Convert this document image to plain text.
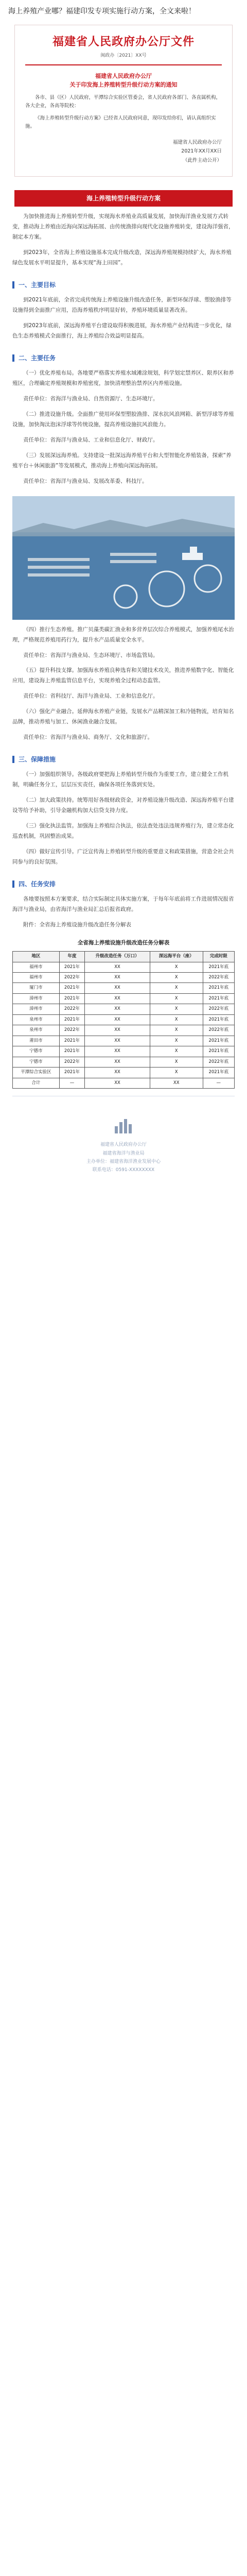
海上养殖产业哪？福建印发专项实施行动方案，全文来啦！
福建省人民政府办公厅文件
闽政办〔2021〕XX号
福建省人民政府办公厅
关于印发海上养殖转型升级行动方案的通知

各市、县（区）人民政府，平潭综合实验区管委会，省人民政府各部门、各直属机构，各大企业，各高等院校：

《海上养殖转型升级行动方案》已经省人民政府同意，现印发给你们，请认真组织实施。

福建省人民政府办公厅
2021年XX月XX日
（此件主动公开）
海上养殖转型升级行动方案

为加快推进海上养殖转型升级，实现海水养殖业高质量发展，加快海洋渔业发展方式转变，推动海上养殖由近海向深远海拓展、由传统渔排向现代化设施养殖转变，建设海洋强省，制定本方案。

到2023年，全省海上养殖设施基本完成升级改造，深远海养殖规模持续扩大，海水养殖绿色发展水平明显提升，基本实现“海上田园”。

一、主要目标

到2021年底前，全省完成传统海上养殖设施升级改造任务，新型环保浮球、塑胶渔排等设施得到全面推广应用，沿海养殖秩序明显好转，养殖环境质量显著改善。

到2023年底前，深远海养殖平台建设取得积极进展，海水养殖产业结构进一步优化，绿色生态养殖模式全面推行，海上养殖综合效益明显提高。

二、主要任务

（一）优化养殖布局。各地要严格落实养殖水域滩涂规划，科学划定禁养区、限养区和养殖区，合理确定养殖规模和养殖密度，加快清理整治禁养区内养殖设施。

责任单位：省海洋与渔业局、自然资源厅、生态环境厅。

（二）推进设施升级。全面推广使用环保型塑胶渔排、深水抗风浪网箱、新型浮球等养殖设施，加快淘汰泡沫浮球等传统设施，提高养殖设施抗风浪能力。

责任单位：省海洋与渔业局、工业和信息化厅、财政厅。

（三）发展深远海养殖。支持建设一批深远海养殖平台和大型智能化养殖装备，探索“养殖平台＋休闲旅游”等发展模式，推动海上养殖向深远海拓展。

责任单位：省海洋与渔业局、发展改革委、科技厅。

（四）推行生态养殖。推广贝藻类碳汇渔业和多营养层次综合养殖模式，加强养殖尾水治理，严格规范养殖用药行为，提升水产品质量安全水平。

责任单位：省海洋与渔业局、生态环境厅、市场监管局。

（五）提升科技支撑。加强海水养殖良种选育和关键技术攻关，推进养殖数字化、智能化应用，建设海上养殖监管信息平台，实现养殖全过程动态监管。

责任单位：省科技厅、海洋与渔业局、工业和信息化厅。

（六）强化产业融合。延伸海水养殖产业链，发展水产品精深加工和冷链物流，培育知名品牌，推动养殖与加工、休闲渔业融合发展。

责任单位：省海洋与渔业局、商务厅、文化和旅游厅。

三、保障措施

（一）加强组织领导。各级政府要把海上养殖转型升级作为重要工作，建立健全工作机制，明确任务分工，层层压实责任，确保各项任务落到实处。

（二）加大政策扶持。统筹用好各级财政资金，对养殖设施升级改造、深远海养殖平台建设等给予补助，引导金融机构加大信贷支持力度。

（三）强化执法监管。加强海上养殖综合执法，依法查处违法违规养殖行为，建立常态化巡查机制，巩固整治成果。

（四）做好宣传引导。广泛宣传海上养殖转型升级的重要意义和政策措施，营造全社会共同参与的良好氛围。

四、任务安排

各地要按照本方案要求，结合实际制定具体实施方案，于每年年底前将工作进展情况报省海洋与渔业局，由省海洋与渔业局汇总后报省政府。

附件：全省海上养殖设施升级改造任务分解表

全省海上养殖设施升级改造任务分解表
地区	年度	升级改造任务（万口）	深远海平台（座）	完成时限
福州市	2021年	XX	X	2021年底
福州市	2022年	XX	X	2022年底
厦门市	2021年	XX	X	2021年底
漳州市	2021年	XX	X	2021年底
漳州市	2022年	XX	X	2022年底
泉州市	2021年	XX	X	2021年底
泉州市	2022年	XX	X	2022年底
莆田市	2021年	XX	X	2021年底
宁德市	2021年	XX	X	2021年底
宁德市	2022年	XX	X	2022年底
平潭综合实验区	2021年	XX	X	2021年底
合计	—	XX	XX	—
福建省人民政府办公厅
福建省海洋与渔业局
主办单位：福建省海洋渔业发展中心
联系电话：0591-XXXXXXXX
